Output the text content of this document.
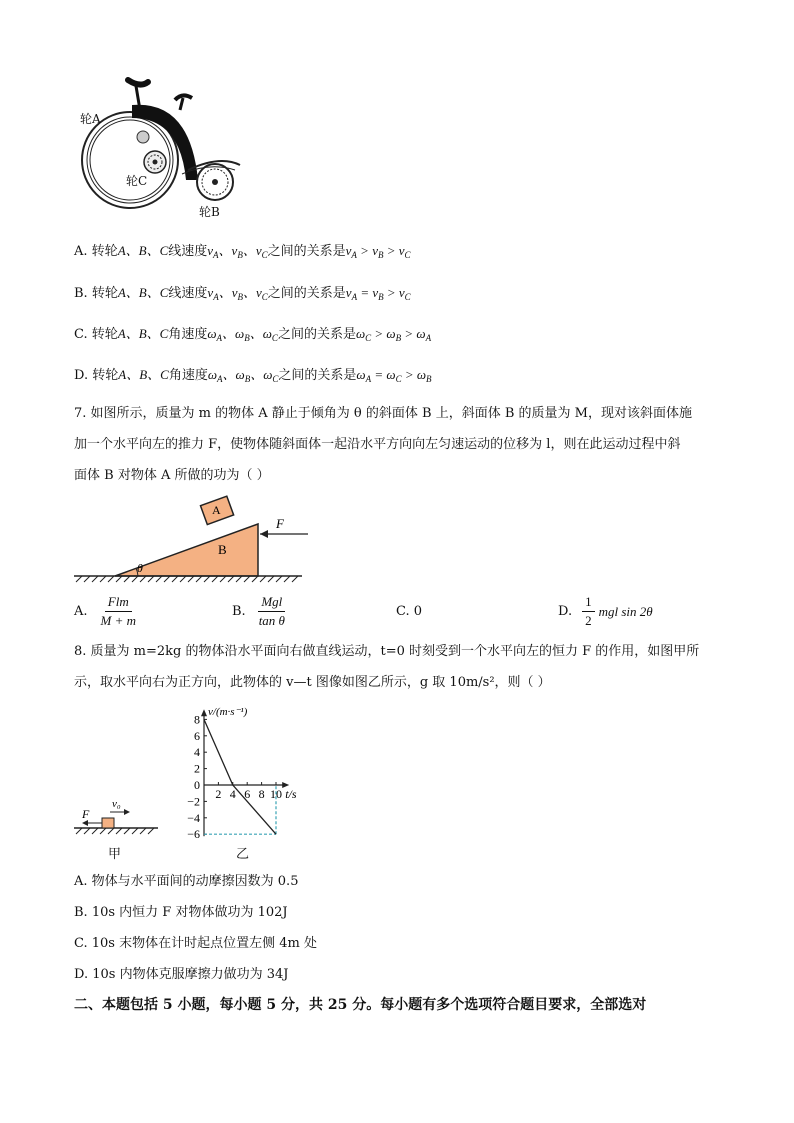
轮A
轮C
轮B
A. 转轮A、B、C线速度$v_A$、$v_B$、$v_C$之间的关系是$v_A > v_B > v_C$
B. 转轮A、B、C线速度$v_A$、$v_B$、$v_C$之间的关系是$v_A = v_B > v_C$
C. 转轮A、B、C角速度$\omega_A$、$\omega_B$、$\omega_C$之间的关系是$\omega_C > \omega_B > \omega_A$
D. 转轮A、B、C角速度$\omega_A$、$\omega_B$、$\omega_C$之间的关系是$\omega_A = \omega_C > \omega_B$
7. 如图所示，质量为 m 的物体 A 静止于倾角为 θ 的斜面体 B 上，斜面体 B 的质量为 M，现对该斜面体施
加一个水平向左的推力 F，使物体随斜面体一起沿水平方向向左匀速运动的位移为 l，则在此运动过程中斜
面体 B 对物体 A 所做的功为（ ）
A
B
F
θ
A. $\frac{\text{Flm}}{M + m}$	B. $\frac{\text{Mgl}}{\text{tan θ}}$	C. 0	D. $\frac{1}{2}$ mgl sin 2θ
8. 质量为 m=2kg 的物体沿水平面向右做直线运动，t=0 时刻受到一个水平向左的恒力 F 的作用，如图甲所
示，取水平向右为正方向，此物体的 v—t 图像如图乙所示，g 取 10m/s²，则（ ）
F
v₀
甲
8
6
4
2
0
−2
−4
−6
2 4 6 8 10
v/(m·s⁻¹)
t/s
乙
A. 物体与水平面间的动摩擦因数为 0.5
B. 10s 内恒力 F 对物体做功为 102J
C. 10s 末物体在计时起点位置左侧 4m 处
D. 10s 内物体克服摩擦力做功为 34J
二、本题包括 5 小题，每小题 5 分，共 25 分。每小题有多个选项符合题目要求，全部选对
